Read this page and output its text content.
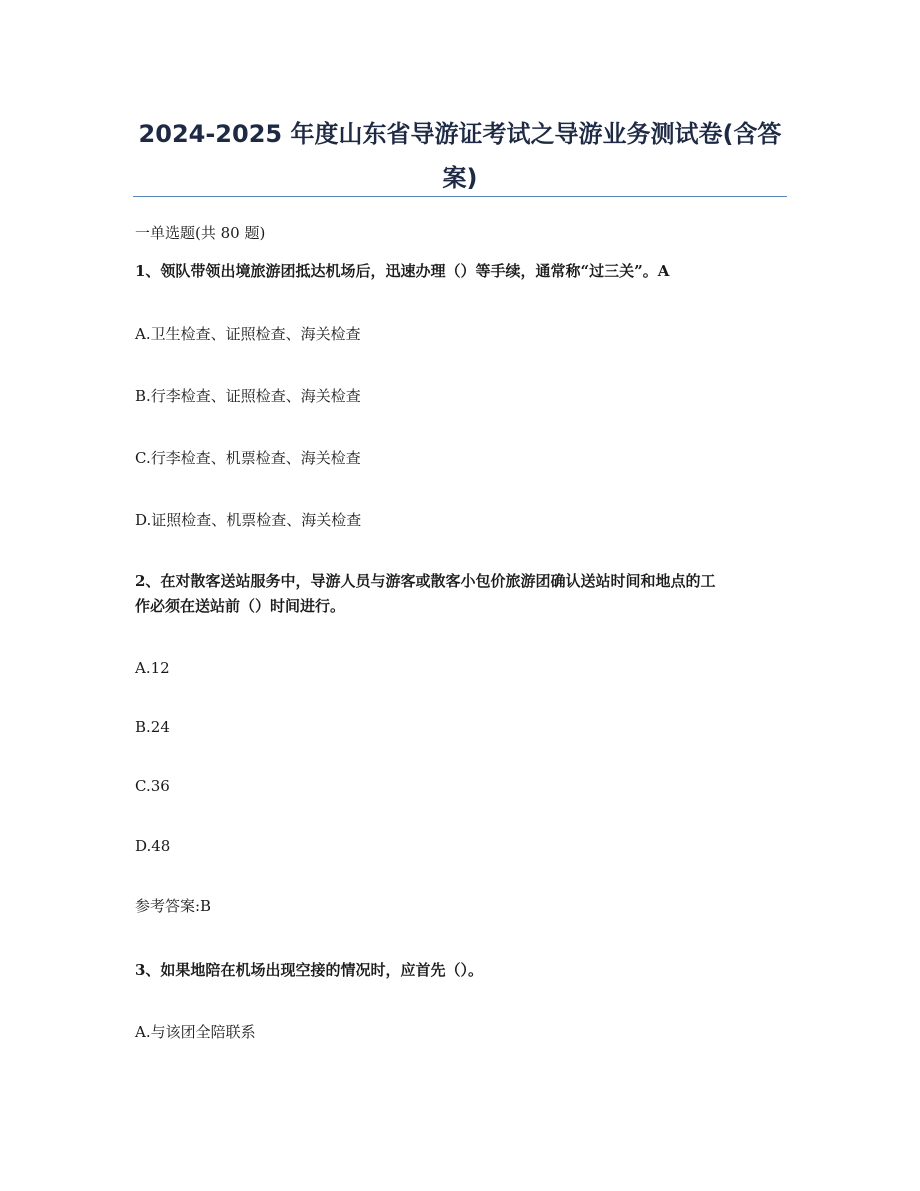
2024-2025 年度山东省导游证考试之导游业务测试卷(含答
案)
一单选题(共 80 题)
1、领队带领出境旅游团抵达机场后，迅速办理（）等手续，通常称“过三关”。A
A.卫生检查、证照检查、海关检查
B.行李检查、证照检查、海关检查
C.行李检查、机票检查、海关检查
D.证照检查、机票检查、海关检查
2、在对散客送站服务中，导游人员与游客或散客小包价旅游团确认送站时间和地点的工
作必须在送站前（）时间进行。
A.12
B.24
C.36
D.48
参考答案:B
3、如果地陪在机场出现空接的情况时，应首先（）。
A.与该团全陪联系
